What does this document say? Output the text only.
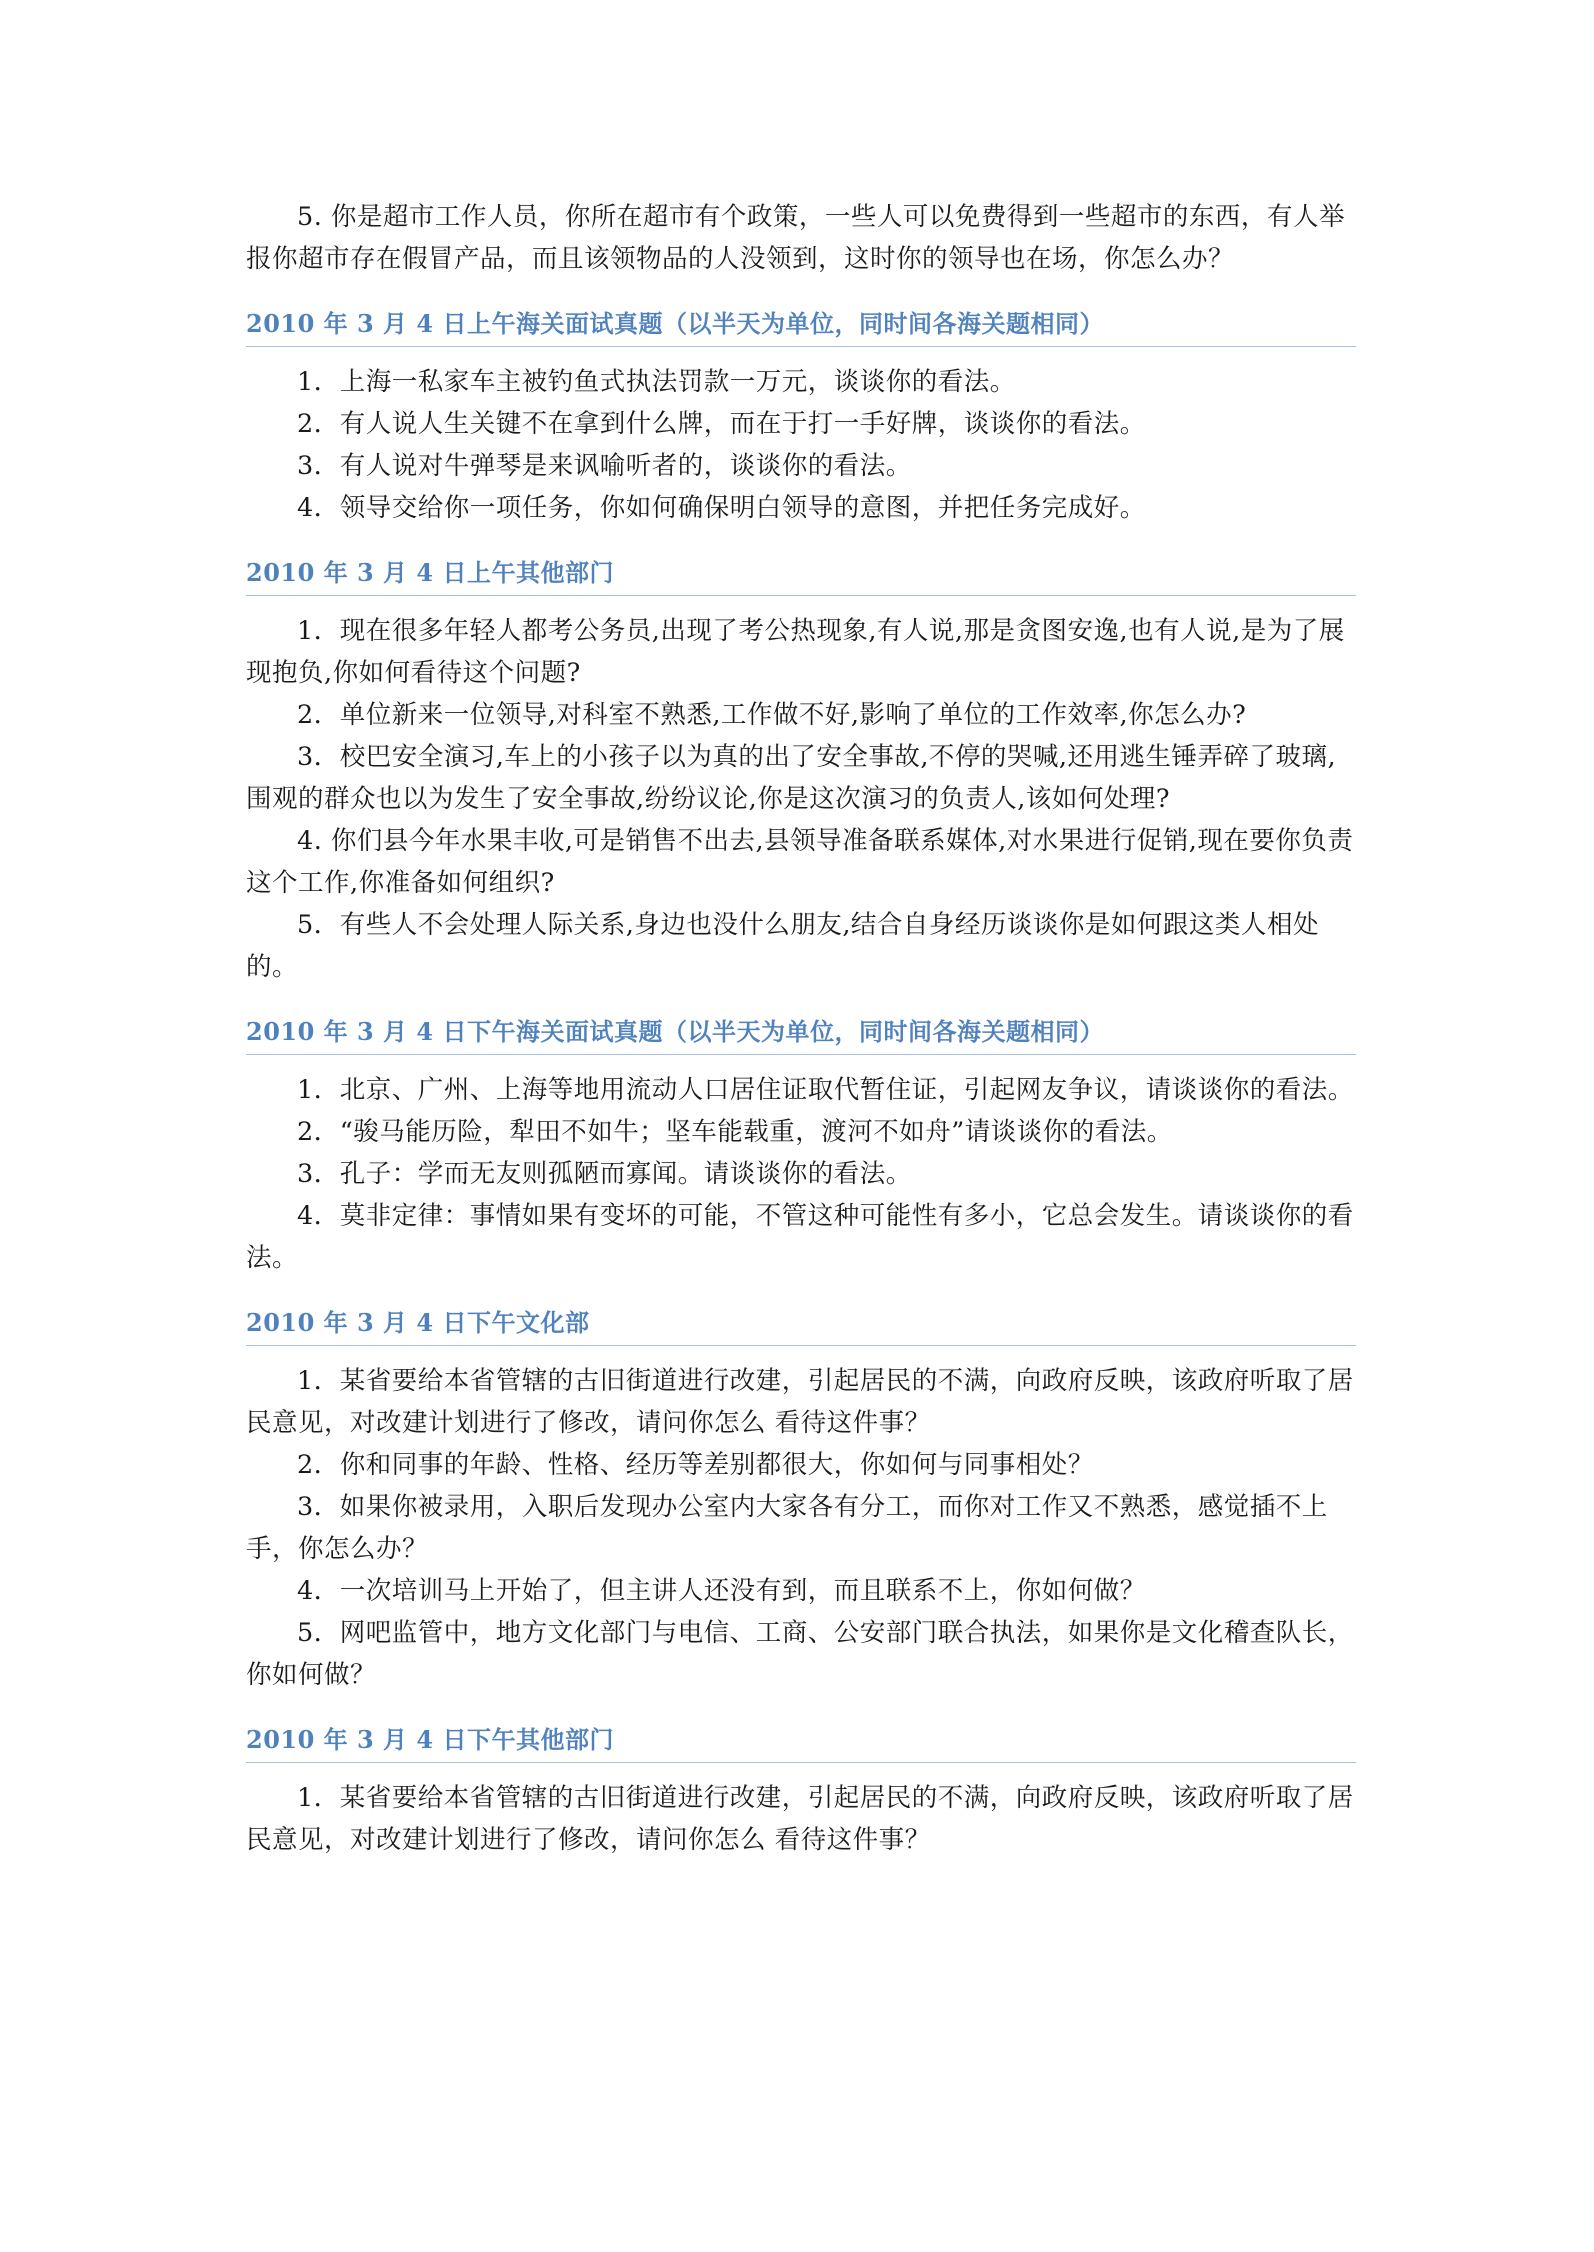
5. 你是超市工作人员，你所在超市有个政策，一些人可以免费得到一些超市的东西，有人举报你超市存在假冒产品，而且该领物品的人没领到，这时你的领导也在场，你怎么办？

2010 年 3 月 4 日上午海关面试真题（以半天为单位，同时间各海关题相同）

1．上海一私家车主被钓鱼式执法罚款一万元，谈谈你的看法。

2．有人说人生关键不在拿到什么牌，而在于打一手好牌，谈谈你的看法。

3．有人说对牛弹琴是来讽喻听者的，谈谈你的看法。

4．领导交给你一项任务，你如何确保明白领导的意图，并把任务完成好。

2010 年 3 月 4 日上午其他部门

1．现在很多年轻人都考公务员,出现了考公热现象,有人说,那是贪图安逸,也有人说,是为了展现抱负,你如何看待这个问题?

2．单位新来一位领导,对科室不熟悉,工作做不好,影响了单位的工作效率,你怎么办?

3．校巴安全演习,车上的小孩子以为真的出了安全事故,不停的哭喊,还用逃生锤弄碎了玻璃,围观的群众也以为发生了安全事故,纷纷议论,你是这次演习的负责人,该如何处理?

4. 你们县今年水果丰收,可是销售不出去,县领导准备联系媒体,对水果进行促销,现在要你负责这个工作,你准备如何组织?

5．有些人不会处理人际关系,身边也没什么朋友,结合自身经历谈谈你是如何跟这类人相处的。

2010 年 3 月 4 日下午海关面试真题（以半天为单位，同时间各海关题相同）

1．北京、广州、上海等地用流动人口居住证取代暂住证，引起网友争议，请谈谈你的看法。

2．“骏马能历险，犁田不如牛；坚车能载重，渡河不如舟”请谈谈你的看法。

3．孔子：学而无友则孤陋而寡闻。请谈谈你的看法。

4．莫非定律：事情如果有变坏的可能，不管这种可能性有多小，它总会发生。请谈谈你的看法。

2010 年 3 月 4 日下午文化部

1．某省要给本省管辖的古旧街道进行改建，引起居民的不满，向政府反映，该政府听取了居民意见，对改建计划进行了修改，请问你怎么 看待这件事？

2．你和同事的年龄、性格、经历等差别都很大，你如何与同事相处？

3．如果你被录用，入职后发现办公室内大家各有分工，而你对工作又不熟悉，感觉插不上手，你怎么办？

4．一次培训马上开始了，但主讲人还没有到，而且联系不上，你如何做？

5．网吧监管中，地方文化部门与电信、工商、公安部门联合执法，如果你是文化稽查队长，你如何做？

2010 年 3 月 4 日下午其他部门

1．某省要给本省管辖的古旧街道进行改建，引起居民的不满，向政府反映，该政府听取了居民意见，对改建计划进行了修改，请问你怎么 看待这件事？
